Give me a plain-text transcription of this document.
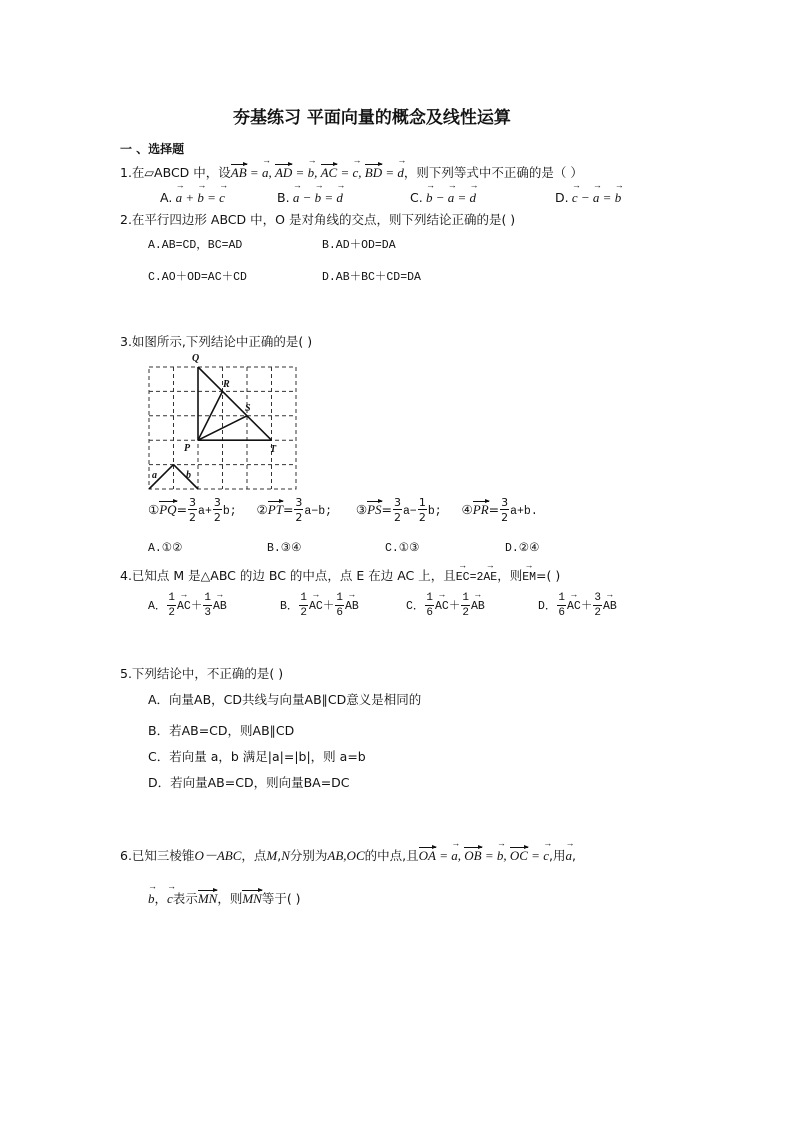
夯基练习 平面向量的概念及线性运算
一 、选择题
1.在▱ABCD 中，设AB = → a, AD = → b, AC = → c, BD = → d，则下列等式中不正确的是（ ）
A. → a + → b = → c	B. → a − → b = → d	C. → b − → a = → d	D. → c − → a = → b
2.在平行四边形 ABCD 中，O 是对角线的交点，则下列结论正确的是( )
A.AB=CD，BC=AD	B.AD＋OD=DA
C.AO＋OD=AC＋CD	D.AB＋BC＋CD=DA
3.如图所示,下列结论中正确的是( )
Q
R
S
P	T
a	b
①PQ= $\frac{3}{2} a+ \frac{3}{2} b$; ②PT= $\frac{3}{2} a-b$; ③PS= $\frac{3}{2} a- \frac{1}{2} b$; ④PR= $\frac{3}{2} a+b$.
A.①②	B.③④	C.①③	D.②④
4.已知点 M 是△ABC 的边 BC 的中点，点 E 在边 AC 上，且→ EC=2→ AE，则→ EM=( )
A． $\frac{1}{2}$
→ $AC+ \frac{1}{3}$
→ AB	B． $\frac{1}{2}$
→ $AC+ \frac{1}{6}$
→ AB	C． $\frac{1}{6}$
→ $AC+ \frac{1}{2}$
→ AB	D． $\frac{1}{6}$
→ $AC+ \frac{3}{2}$
→ AB
5.下列结论中，不正确的是( )
A．向量AB，CD共线与向量AB∥CD意义是相同的
B．若AB=CD，则AB∥CD
C．若向量 a，b 满足|a|=|b|，则 a=b
D．若向量AB=CD，则向量BA=DC
6.已知三棱锥O－ABC，点M,N分别为AB,OC的中点,且OA = → a, OB = → b, OC = → c,用→ a,
→ b，→ c表示MN，则MN等于( )
